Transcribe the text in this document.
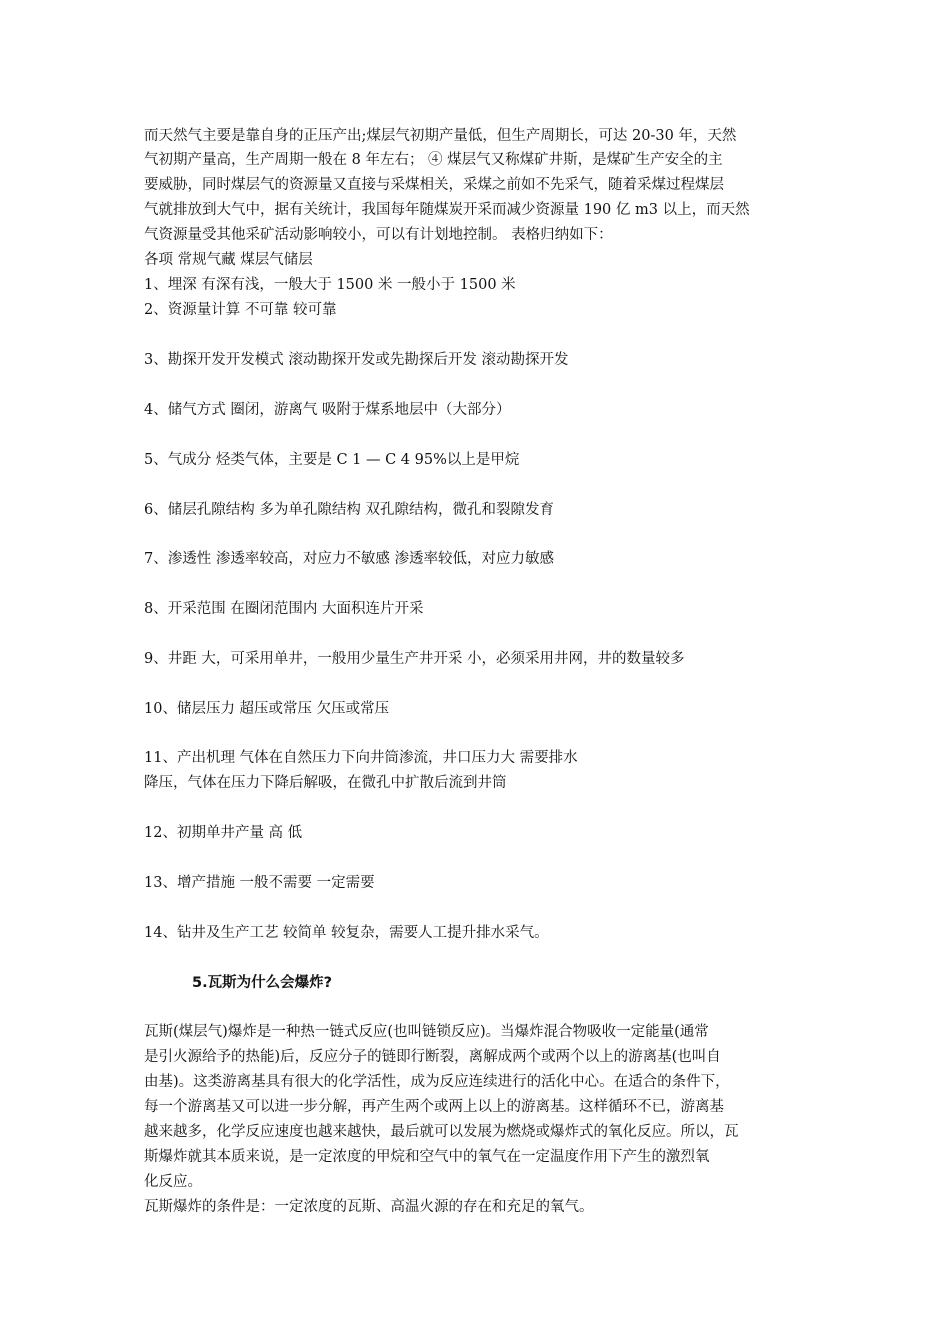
而天然气主要是靠自身的正压产出;煤层气初期产量低，但生产周期长，可达 20-30 年，天然
气初期产量高，生产周期一般在 8 年左右； ④ 煤层气又称煤矿井斯，是煤矿生产安全的主
要威胁，同时煤层气的资源量又直接与采煤相关，采煤之前如不先采气，随着采煤过程煤层
气就排放到大气中，据有关统计，我国每年随煤炭开采而减少资源量 190 亿 m3 以上，而天然
气资源量受其他采矿活动影响较小，可以有计划地控制。 表格归纳如下：
各项 常规气藏 煤层气储层
1、埋深 有深有浅，一般大于 1500 米 一般小于 1500 米
2、资源量计算 不可靠 较可靠
3、勘探开发开发模式 滚动勘探开发或先勘探后开发 滚动勘探开发
4、储气方式 圈闭，游离气 吸附于煤系地层中（大部分）
5、气成分 烃类气体，主要是 C 1 — C 4 95%以上是甲烷
6、储层孔隙结构 多为单孔隙结构 双孔隙结构，微孔和裂隙发育
7、渗透性 渗透率较高，对应力不敏感 渗透率较低，对应力敏感
8、开采范围 在圈闭范围内 大面积连片开采
9、井距 大，可采用单井，一般用少量生产井开采 小，必须采用井网，井的数量较多
10、储层压力 超压或常压 欠压或常压
11、产出机理 气体在自然压力下向井筒渗流，井口压力大 需要排水
降压，气体在压力下降后解吸，在微孔中扩散后流到井筒
12、初期单井产量 高 低
13、增产措施 一般不需要 一定需要
14、钻井及生产工艺 较简单 较复杂，需要人工提升排水采气。
5.瓦斯为什么会爆炸?
瓦斯(煤层气)爆炸是一种热一链式反应(也叫链锁反应)。当爆炸混合物吸收一定能量(通常
是引火源给予的热能)后，反应分子的链即行断裂，离解成两个或两个以上的游离基(也叫自
由基)。这类游离基具有很大的化学活性，成为反应连续进行的活化中心。在适合的条件下，
每一个游离基又可以进一步分解，再产生两个或两上以上的游离基。这样循环不已，游离基
越来越多，化学反应速度也越来越快，最后就可以发展为燃烧或爆炸式的氧化反应。所以，瓦
斯爆炸就其本质来说，是一定浓度的甲烷和空气中的氧气在一定温度作用下产生的激烈氧
化反应。
瓦斯爆炸的条件是：一定浓度的瓦斯、高温火源的存在和充足的氧气。
